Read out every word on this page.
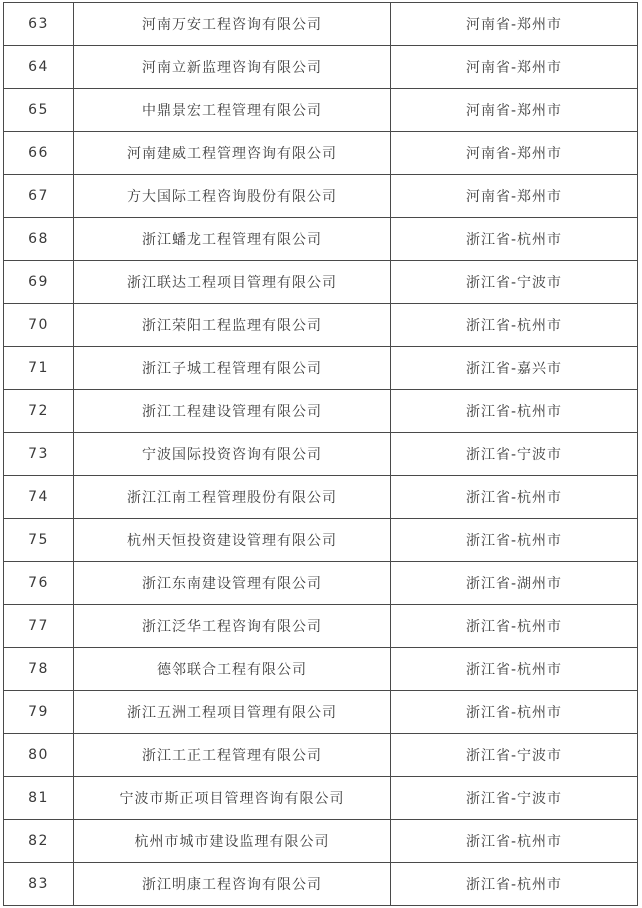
63	河南万安工程咨询有限公司	河南省-郑州市
64	河南立新监理咨询有限公司	河南省-郑州市
65	中鼎景宏工程管理有限公司	河南省-郑州市
66	河南建威工程管理咨询有限公司	河南省-郑州市
67	方大国际工程咨询股份有限公司	河南省-郑州市
68	浙江蟠龙工程管理有限公司	浙江省-杭州市
69	浙江联达工程项目管理有限公司	浙江省-宁波市
70	浙江荣阳工程监理有限公司	浙江省-杭州市
71	浙江子城工程管理有限公司	浙江省-嘉兴市
72	浙江工程建设管理有限公司	浙江省-杭州市
73	宁波国际投资咨询有限公司	浙江省-宁波市
74	浙江江南工程管理股份有限公司	浙江省-杭州市
75	杭州天恒投资建设管理有限公司	浙江省-杭州市
76	浙江东南建设管理有限公司	浙江省-湖州市
77	浙江泛华工程咨询有限公司	浙江省-杭州市
78	德邻联合工程有限公司	浙江省-杭州市
79	浙江五洲工程项目管理有限公司	浙江省-杭州市
80	浙江工正工程管理有限公司	浙江省-宁波市
81	宁波市斯正项目管理咨询有限公司	浙江省-宁波市
82	杭州市城市建设监理有限公司	浙江省-杭州市
83	浙江明康工程咨询有限公司	浙江省-杭州市
